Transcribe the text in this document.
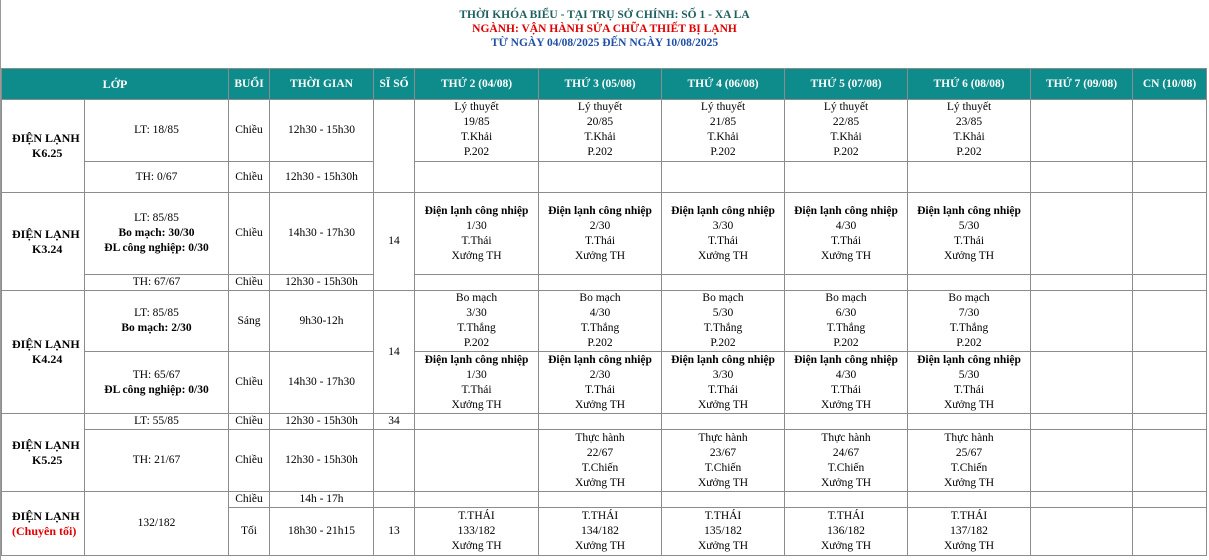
THỜI KHÓA BIỂU - TẠI TRỤ SỞ CHÍNH: SỐ 1 - XA LA
NGÀNH: VẬN HÀNH SỬA CHỮA THIẾT BỊ LẠNH
TỪ NGÀY 04/08/2025 ĐẾN NGÀY 10/08/2025
LỚP		BUỔI	THỜI GIAN	SĨ SỐ	THỨ 2 (04/08)	THỨ 3 (05/08)	THỨ 4 (06/08)	THỨ 5 (07/08)	THỨ 6 (08/08)	THỨ 7 (09/08)	CN (10/08)

ĐIỆN LẠNH
K6.25	LT: 18/85	Chiều	12h30 - 15h30		Lý thuyết
19/85
T.Khải
P.202	Lý thuyết
20/85
T.Khải
P.202	Lý thuyết
21/85
T.Khải
P.202	Lý thuyết
22/85
T.Khải
P.202	Lý thuyết
23/85
T.Khải
P.202		

	TH: 0/67	Chiều	12h30 - 15h30h								

ĐIỆN LẠNH
K3.24	LT: 85/85
Bo mạch: 30/30
ĐL công nghiệp: 0/30	Chiều	14h30 - 17h30	14	Điện lạnh công nhiệp
1/30
T.Thái
Xưởng TH	Điện lạnh công nhiệp
2/30
T.Thái
Xưởng TH	Điện lạnh công nhiệp
3/30
T.Thái
Xưởng TH	Điện lạnh công nhiệp
4/30
T.Thái
Xưởng TH	Điện lạnh công nhiệp
5/30
T.Thái
Xưởng TH		

	TH: 67/67	Chiều	12h30 - 15h30h								

ĐIỆN LẠNH
K4.24	LT: 85/85
Bo mạch: 2/30	Sáng	9h30-12h	14	Bo mạch
3/30
T.Thắng
P.202	Bo mạch
4/30
T.Thắng
P.202	Bo mạch
5/30
T.Thắng
P.202	Bo mạch
6/30
T.Thắng
P.202	Bo mạch
7/30
T.Thắng
P.202		

	TH: 65/67
ĐL công nghiệp: 0/30	Chiều	14h30 - 17h30		Điện lạnh công nhiệp
1/30
T.Thái
Xưởng TH	Điện lạnh công nhiệp
2/30
T.Thái
Xưởng TH	Điện lạnh công nhiệp
3/30
T.Thái
Xưởng TH	Điện lạnh công nhiệp
4/30
T.Thái
Xưởng TH	Điện lạnh công nhiệp
5/30
T.Thái
Xưởng TH		

ĐIỆN LẠNH
K5.25	LT: 55/85	Chiều	12h30 - 15h30h	34							
	TH: 21/67	Chiều	12h30 - 15h30h			Thực hành
22/67
T.Chiến
Xưởng TH	Thực hành
23/67
T.Chiến
Xưởng TH	Thực hành
24/67
T.Chiến
Xưởng TH	Thực hành
25/67
T.Chiến
Xưởng TH		

ĐIỆN LẠNH
(Chuyên tối)	132/182	Chiều	14h - 17h								
		Tối	18h30 - 21h15	13	T.THÁI
133/182
Xưởng TH	T.THÁI
134/182
Xưởng TH	T.THÁI
135/182
Xưởng TH	T.THÁI
136/182
Xưởng TH	T.THÁI
137/182
Xưởng TH		
